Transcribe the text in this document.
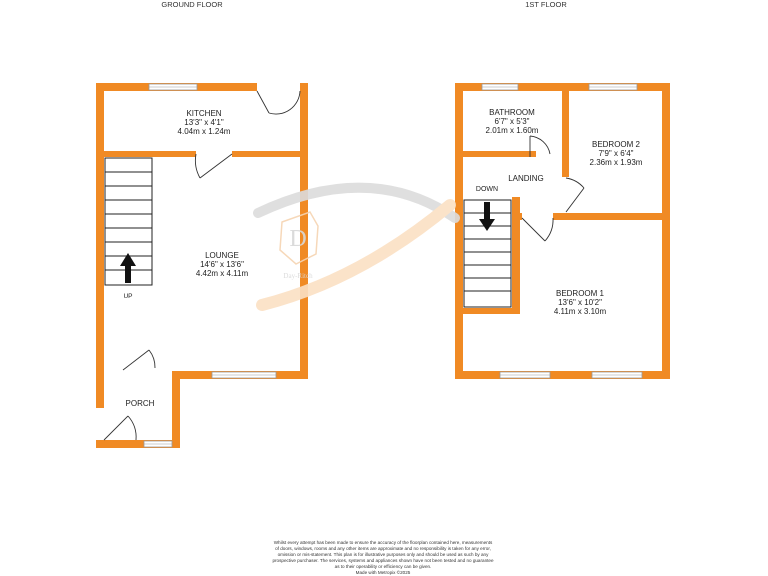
GROUND FLOOR	1ST FLOOR
UP
DOWN
D
Day-Ritch
KITCHEN
13'3" x 4'1"
4.04m x 1.24m
LOUNGE
14'6" x 13'6"
4.42m x 4.11m
PORCH
BATHROOM
6'7" x 5'3"
2.01m x 1.60m
BEDROOM 2
7'9" x 6'4"
2.36m x 1.93m
LANDING
BEDROOM 1
13'6" x 10'2"
4.11m x 3.10m
Whilst every attempt has been made to ensure the accuracy of the floorplan contained here, measurements
of doors, windows, rooms and any other items are approximate and no responsibility is taken for any error,
omission or mis-statement. This plan is for illustrative purposes only and should be used as such by any
prospective purchaser. The services, systems and appliances shown have not been tested and no guarantee
as to their operability or efficiency can be given.
Made with Metropix ©2025
